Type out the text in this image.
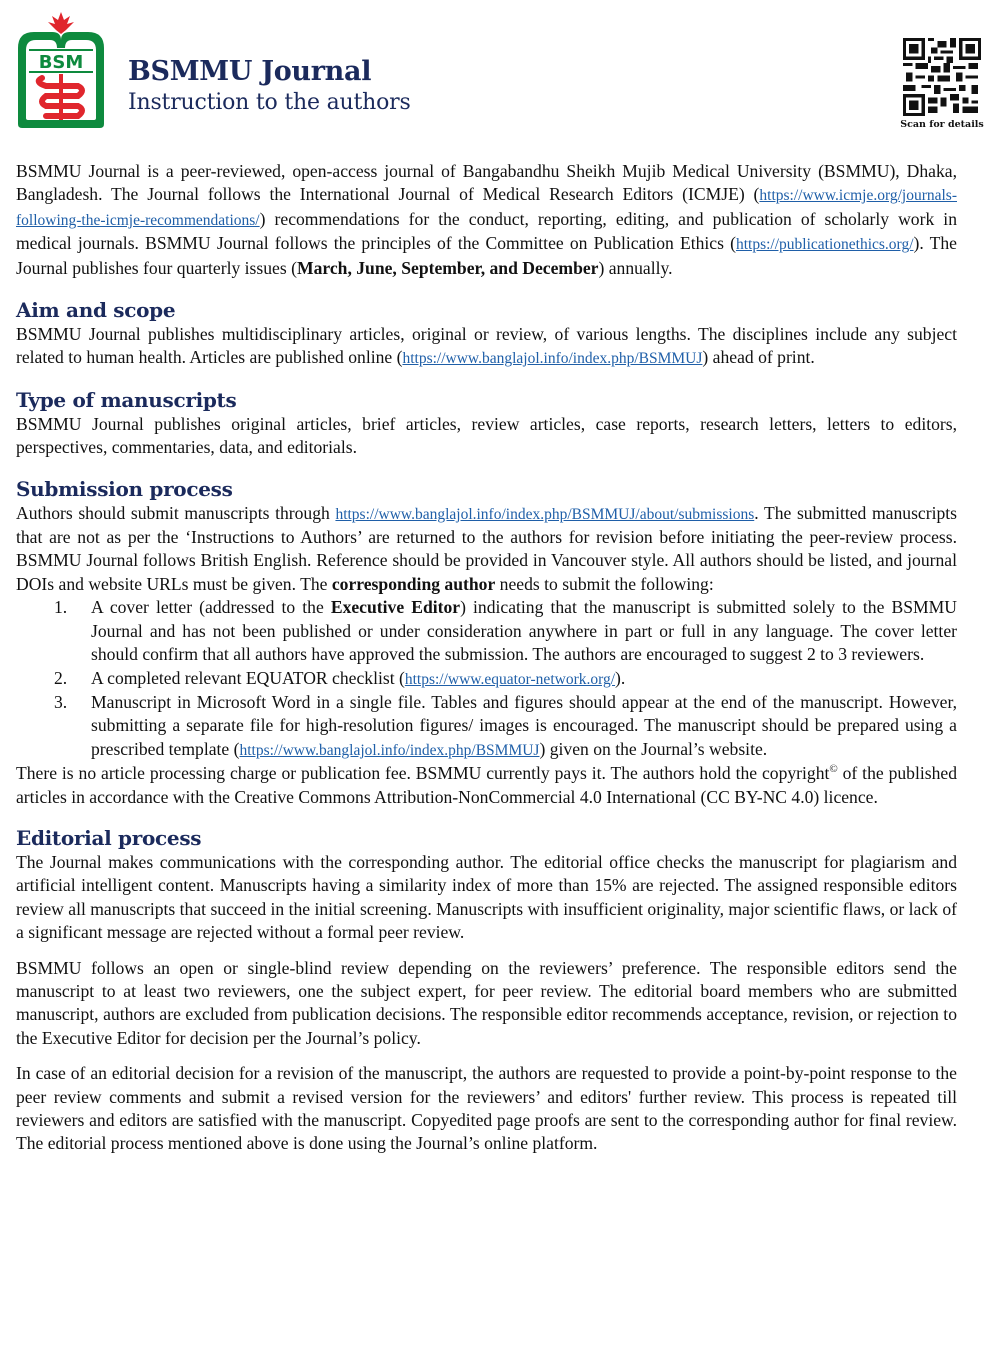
BSM BSMMU Journal
Instruction to the authors
Scan for details

BSMMU Journal is a peer-reviewed, open-access journal of Bangabandhu Sheikh Mujib Medical University (BSMMU), Dhaka, Bangladesh. The Journal follows the International Journal of Medical Research Editors (ICMJE) (https://www.icmje.org/journals-following-the-icmje-recommendations/) recommendations for the conduct, reporting, editing, and publication of scholarly work in medical journals. BSMMU Journal follows the principles of the Committee on Publication Ethics (https://publicationethics.org/). The Journal publishes four quarterly issues (March, June, September, and December) annually.

Aim and scope

BSMMU Journal publishes multidisciplinary articles, original or review, of various lengths. The disciplines include any subject related to human health. Articles are published online (https://www.banglajol.info/index.php/BSMMUJ) ahead of print.

Type of manuscripts

BSMMU Journal publishes original articles, brief articles, review articles, case reports, research letters, letters to editors, perspectives, commentaries, data, and editorials.

Submission process

Authors should submit manuscripts through https://www.banglajol.info/index.php/BSMMUJ/about/submissions. The submitted manuscripts that are not as per the ‘Instructions to Authors’ are returned to the authors for revision before initiating the peer-review process. BSMMU Journal follows British English. Reference should be provided in Vancouver style. All authors should be listed, and journal DOIs and website URLs must be given. The corresponding author needs to submit the following:

1. A cover letter (addressed to the Executive Editor) indicating that the manuscript is submitted solely to the BSMMU Journal and has not been published or under consideration anywhere in part or full in any language. The cover letter should confirm that all authors have approved the submission. The authors are encouraged to suggest 2 to 3 reviewers.
2. A completed relevant EQUATOR checklist (https://www.equator-network.org/).
3. Manuscript in Microsoft Word in a single file. Tables and figures should appear at the end of the manuscript. However, submitting a separate file for high-resolution figures/ images is encouraged. The manuscript should be prepared using a prescribed template (https://www.banglajol.info/index.php/BSMMUJ) given on the Journal’s website.

There is no article processing charge or publication fee. BSMMU currently pays it. The authors hold the copyright© of the published articles in accordance with the Creative Commons Attribution-NonCommercial 4.0 International (CC BY-NC 4.0) licence.

Editorial process

The Journal makes communications with the corresponding author. The editorial office checks the manuscript for plagiarism and artificial intelligent content. Manuscripts having a similarity index of more than 15% are rejected. The assigned responsible editors review all manuscripts that succeed in the initial screening. Manuscripts with insufficient originality, major scientific flaws, or lack of a significant message are rejected without a formal peer review.

BSMMU follows an open or single-blind review depending on the reviewers’ preference. The responsible editors send the manuscript to at least two reviewers, one the subject expert, for peer review. The editorial board members who are submitted manuscript, authors are excluded from publication decisions. The responsible editor recommends acceptance, revision, or rejection to the Executive Editor for decision per the Journal’s policy.

In case of an editorial decision for a revision of the manuscript, the authors are requested to provide a point-by-point response to the peer review comments and submit a revised version for the reviewers’ and editors' further review. This process is repeated till reviewers and editors are satisfied with the manuscript. Copyedited page proofs are sent to the corresponding author for final review. The editorial process mentioned above is done using the Journal’s online platform.
